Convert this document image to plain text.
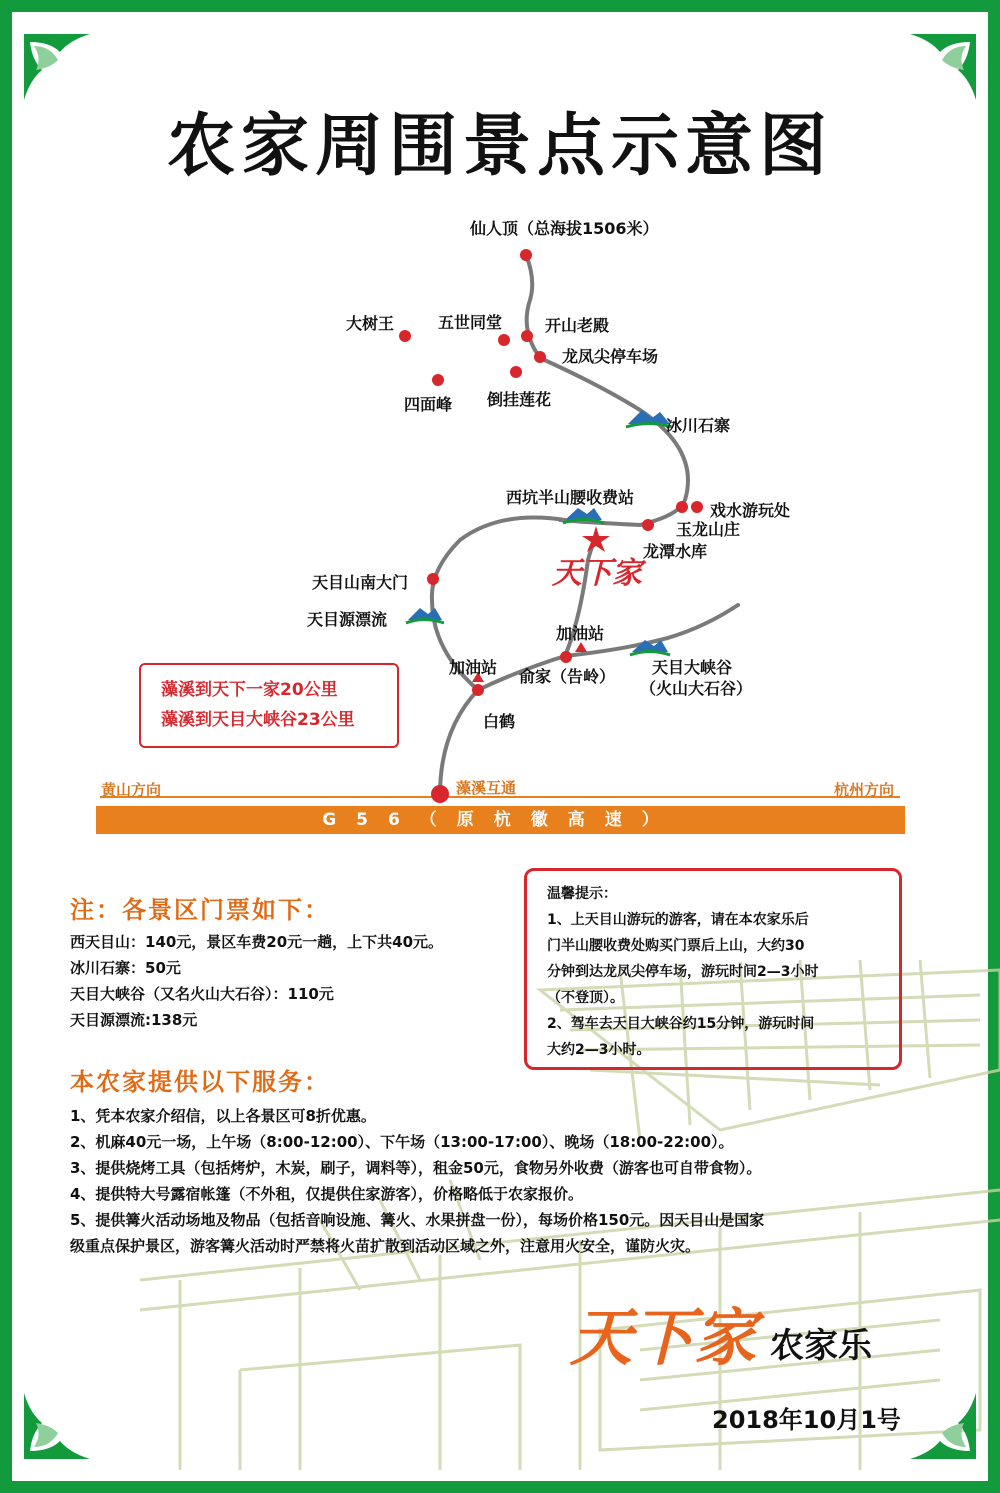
农家周围景点示意图
仙人顶（总海拔1506米）
大树王	五世同堂	开山老殿
龙凤尖停车场
四面峰 倒挂莲花
冰川石寨
西坑半山腰收费站
戏水游玩处
玉龙山庄
龙潭水库
天下家
天目山南大门
天目源漂流
加油站
加油站 俞家（告岭） 天目大峡谷
（火山大石谷）
白鹤
藻溪互通
黄山方向	杭州方向
G56（原杭徽高速）
藻溪到天下一家20公里
藻溪到天目大峡谷23公里
注：各景区门票如下：
西天目山：140元，景区车费20元一趟，上下共40元。
冰川石寨：50元
天目大峡谷（又名火山大石谷）：110元
天目源漂流:138元
温馨提示：
1、上天目山游玩的游客，请在本农家乐后
门半山腰收费处购买门票后上山，大约30
分钟到达龙凤尖停车场，游玩时间2—3小时
（不登顶）。
2、驾车去天目大峡谷约15分钟，游玩时间
大约2—3小时。
本农家提供以下服务：
1、凭本农家介绍信，以上各景区可8折优惠。
2、机麻40元一场，上午场（8:00-12:00）、下午场（13:00-17:00）、晚场（18:00-22:00）。
3、提供烧烤工具（包括烤炉，木炭，刷子，调料等），租金50元，食物另外收费（游客也可自带食物）。
4、提供特大号露宿帐篷（不外租，仅提供住家游客），价格略低于农家报价。
5、提供篝火活动场地及物品（包括音响设施、篝火、水果拼盘一份），每场价格150元。因天目山是国家
级重点保护景区，游客篝火活动时严禁将火苗扩散到活动区域之外，注意用火安全，谨防火灾。
天下家 农家乐
2018年10月1号
